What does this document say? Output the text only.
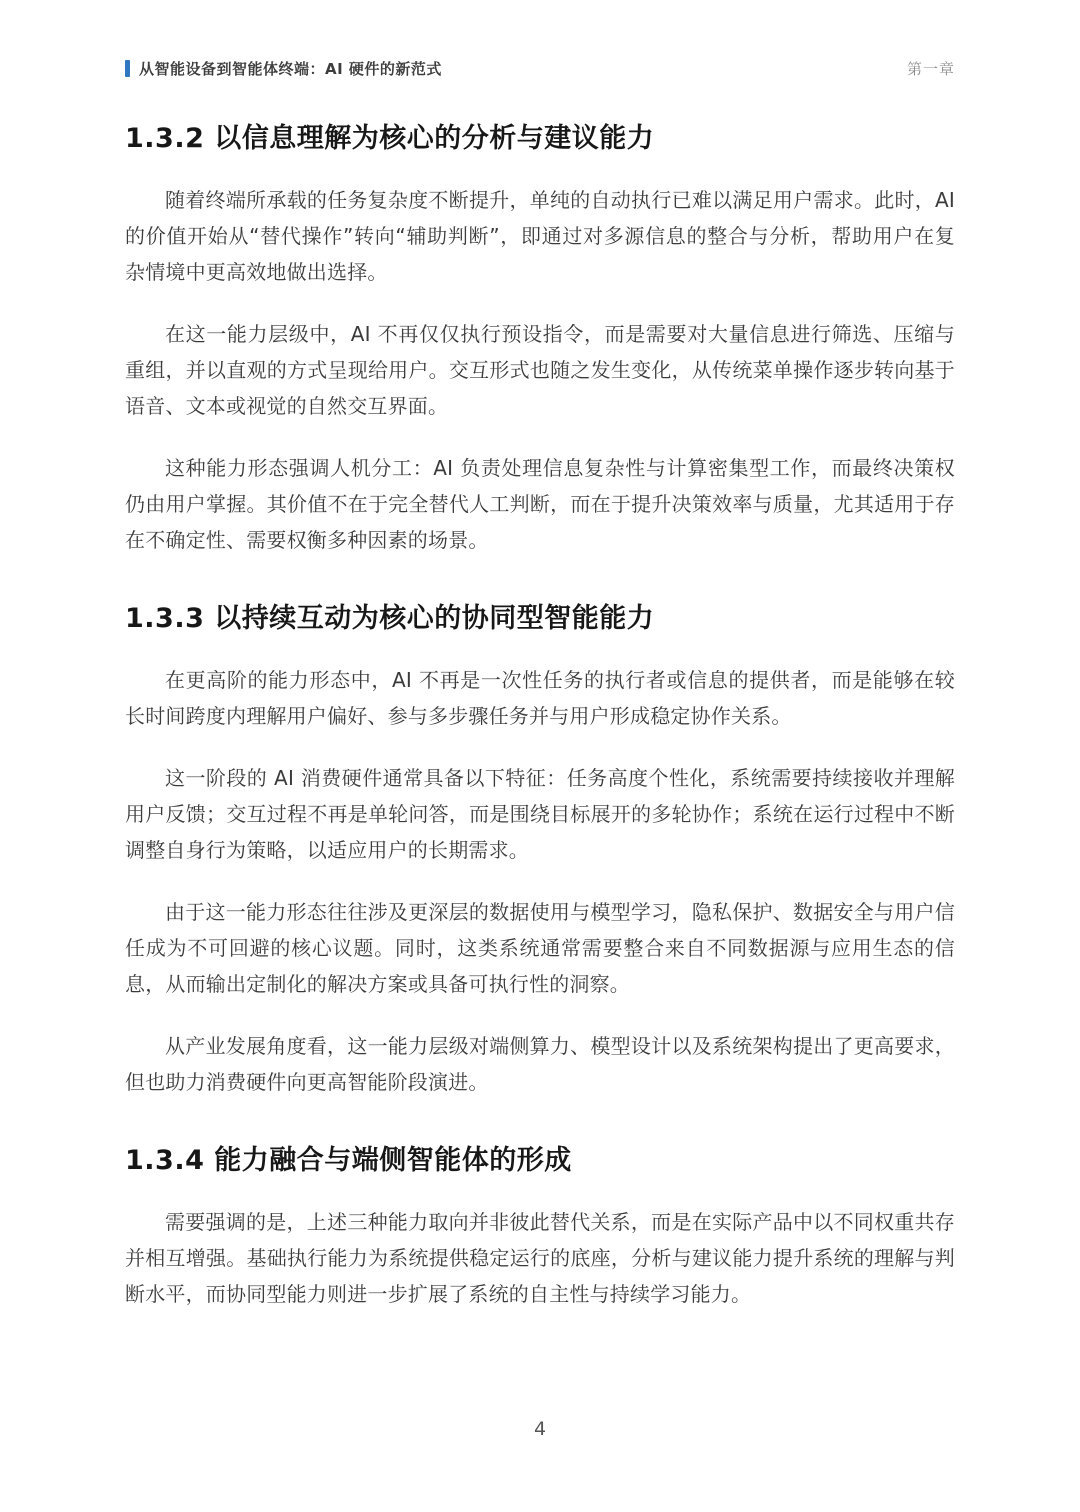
从智能设备到智能体终端：AI 硬件的新范式	第一章
1.3.2 以信息理解为核心的分析与建议能力

随着终端所承载的任务复杂度不断提升，单纯的自动执行已难以满足用户需求。此时，AI 的价值开始从“替代操作”转向“辅助判断”，即通过对多源信息的整合与分析，帮助用户在复杂情境中更高效地做出选择。

在这一能力层级中，AI 不再仅仅执行预设指令，而是需要对大量信息进行筛选、压缩与重组，并以直观的方式呈现给用户。交互形式也随之发生变化，从传统菜单操作逐步转向基于语音、文本或视觉的自然交互界面。

这种能力形态强调人机分工：AI 负责处理信息复杂性与计算密集型工作，而最终决策权仍由用户掌握。其价值不在于完全替代人工判断，而在于提升决策效率与质量，尤其适用于存在不确定性、需要权衡多种因素的场景。

1.3.3 以持续互动为核心的协同型智能能力

在更高阶的能力形态中，AI 不再是一次性任务的执行者或信息的提供者，而是能够在较长时间跨度内理解用户偏好、参与多步骤任务并与用户形成稳定协作关系。

这一阶段的 AI 消费硬件通常具备以下特征：任务高度个性化，系统需要持续接收并理解用户反馈；交互过程不再是单轮问答，而是围绕目标展开的多轮协作；系统在运行过程中不断调整自身行为策略，以适应用户的长期需求。

由于这一能力形态往往涉及更深层的数据使用与模型学习，隐私保护、数据安全与用户信任成为不可回避的核心议题。同时，这类系统通常需要整合来自不同数据源与应用生态的信息，从而输出定制化的解决方案或具备可执行性的洞察。

从产业发展角度看，这一能力层级对端侧算力、模型设计以及系统架构提出了更高要求，但也助力消费硬件向更高智能阶段演进。

1.3.4 能力融合与端侧智能体的形成

需要强调的是，上述三种能力取向并非彼此替代关系，而是在实际产品中以不同权重共存并相互增强。基础执行能力为系统提供稳定运行的底座，分析与建议能力提升系统的理解与判断水平，而协同型能力则进一步扩展了系统的自主性与持续学习能力。

4
